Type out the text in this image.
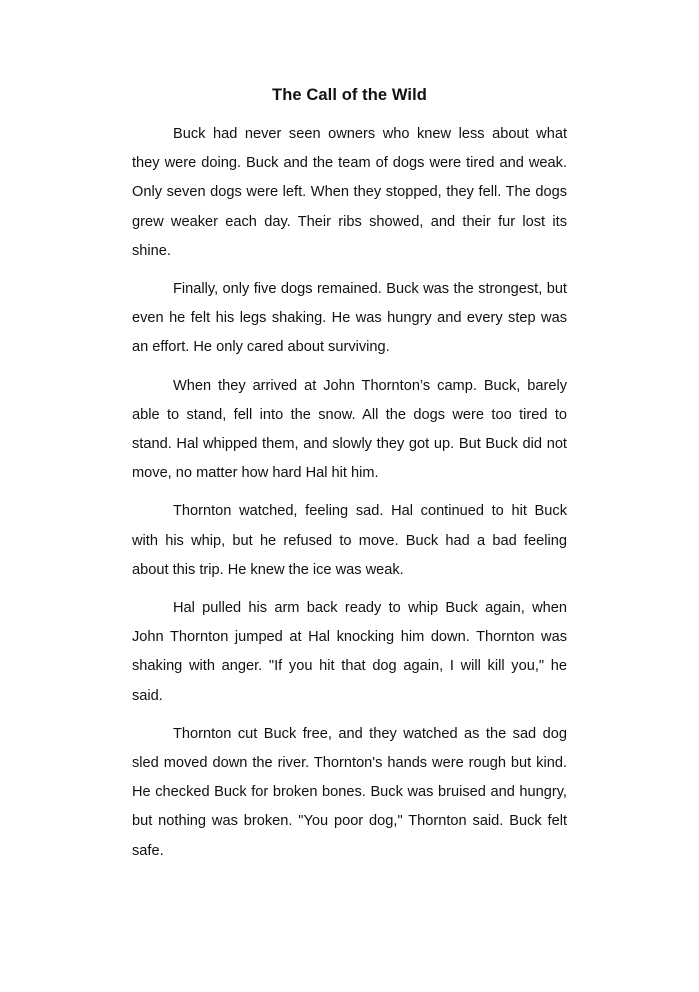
The Call of the Wild

Buck had never seen owners who knew less about what they were doing. Buck and the team of dogs were tired and weak. Only seven dogs were left. When they stopped, they fell. The dogs grew weaker each day. Their ribs showed, and their fur lost its shine.

Finally, only five dogs remained. Buck was the strongest, but even he felt his legs shaking. He was hungry and every step was an effort. He only cared about surviving.

When they arrived at John Thornton’s camp. Buck, barely able to stand, fell into the snow. All the dogs were too tired to stand. Hal whipped them, and slowly they got up. But Buck did not move, no matter how hard Hal hit him.

Thornton watched, feeling sad. Hal continued to hit Buck with his whip, but he refused to move. Buck had a bad feeling about this trip. He knew the ice was weak.

Hal pulled his arm back ready to whip Buck again, when John Thornton jumped at Hal knocking him down. Thornton was shaking with anger. "If you hit that dog again, I will kill you," he said.

Thornton cut Buck free, and they watched as the sad dog sled moved down the river. Thornton's hands were rough but kind. He checked Buck for broken bones. Buck was bruised and hungry, but nothing was broken. "You poor dog," Thornton said. Buck felt safe.
